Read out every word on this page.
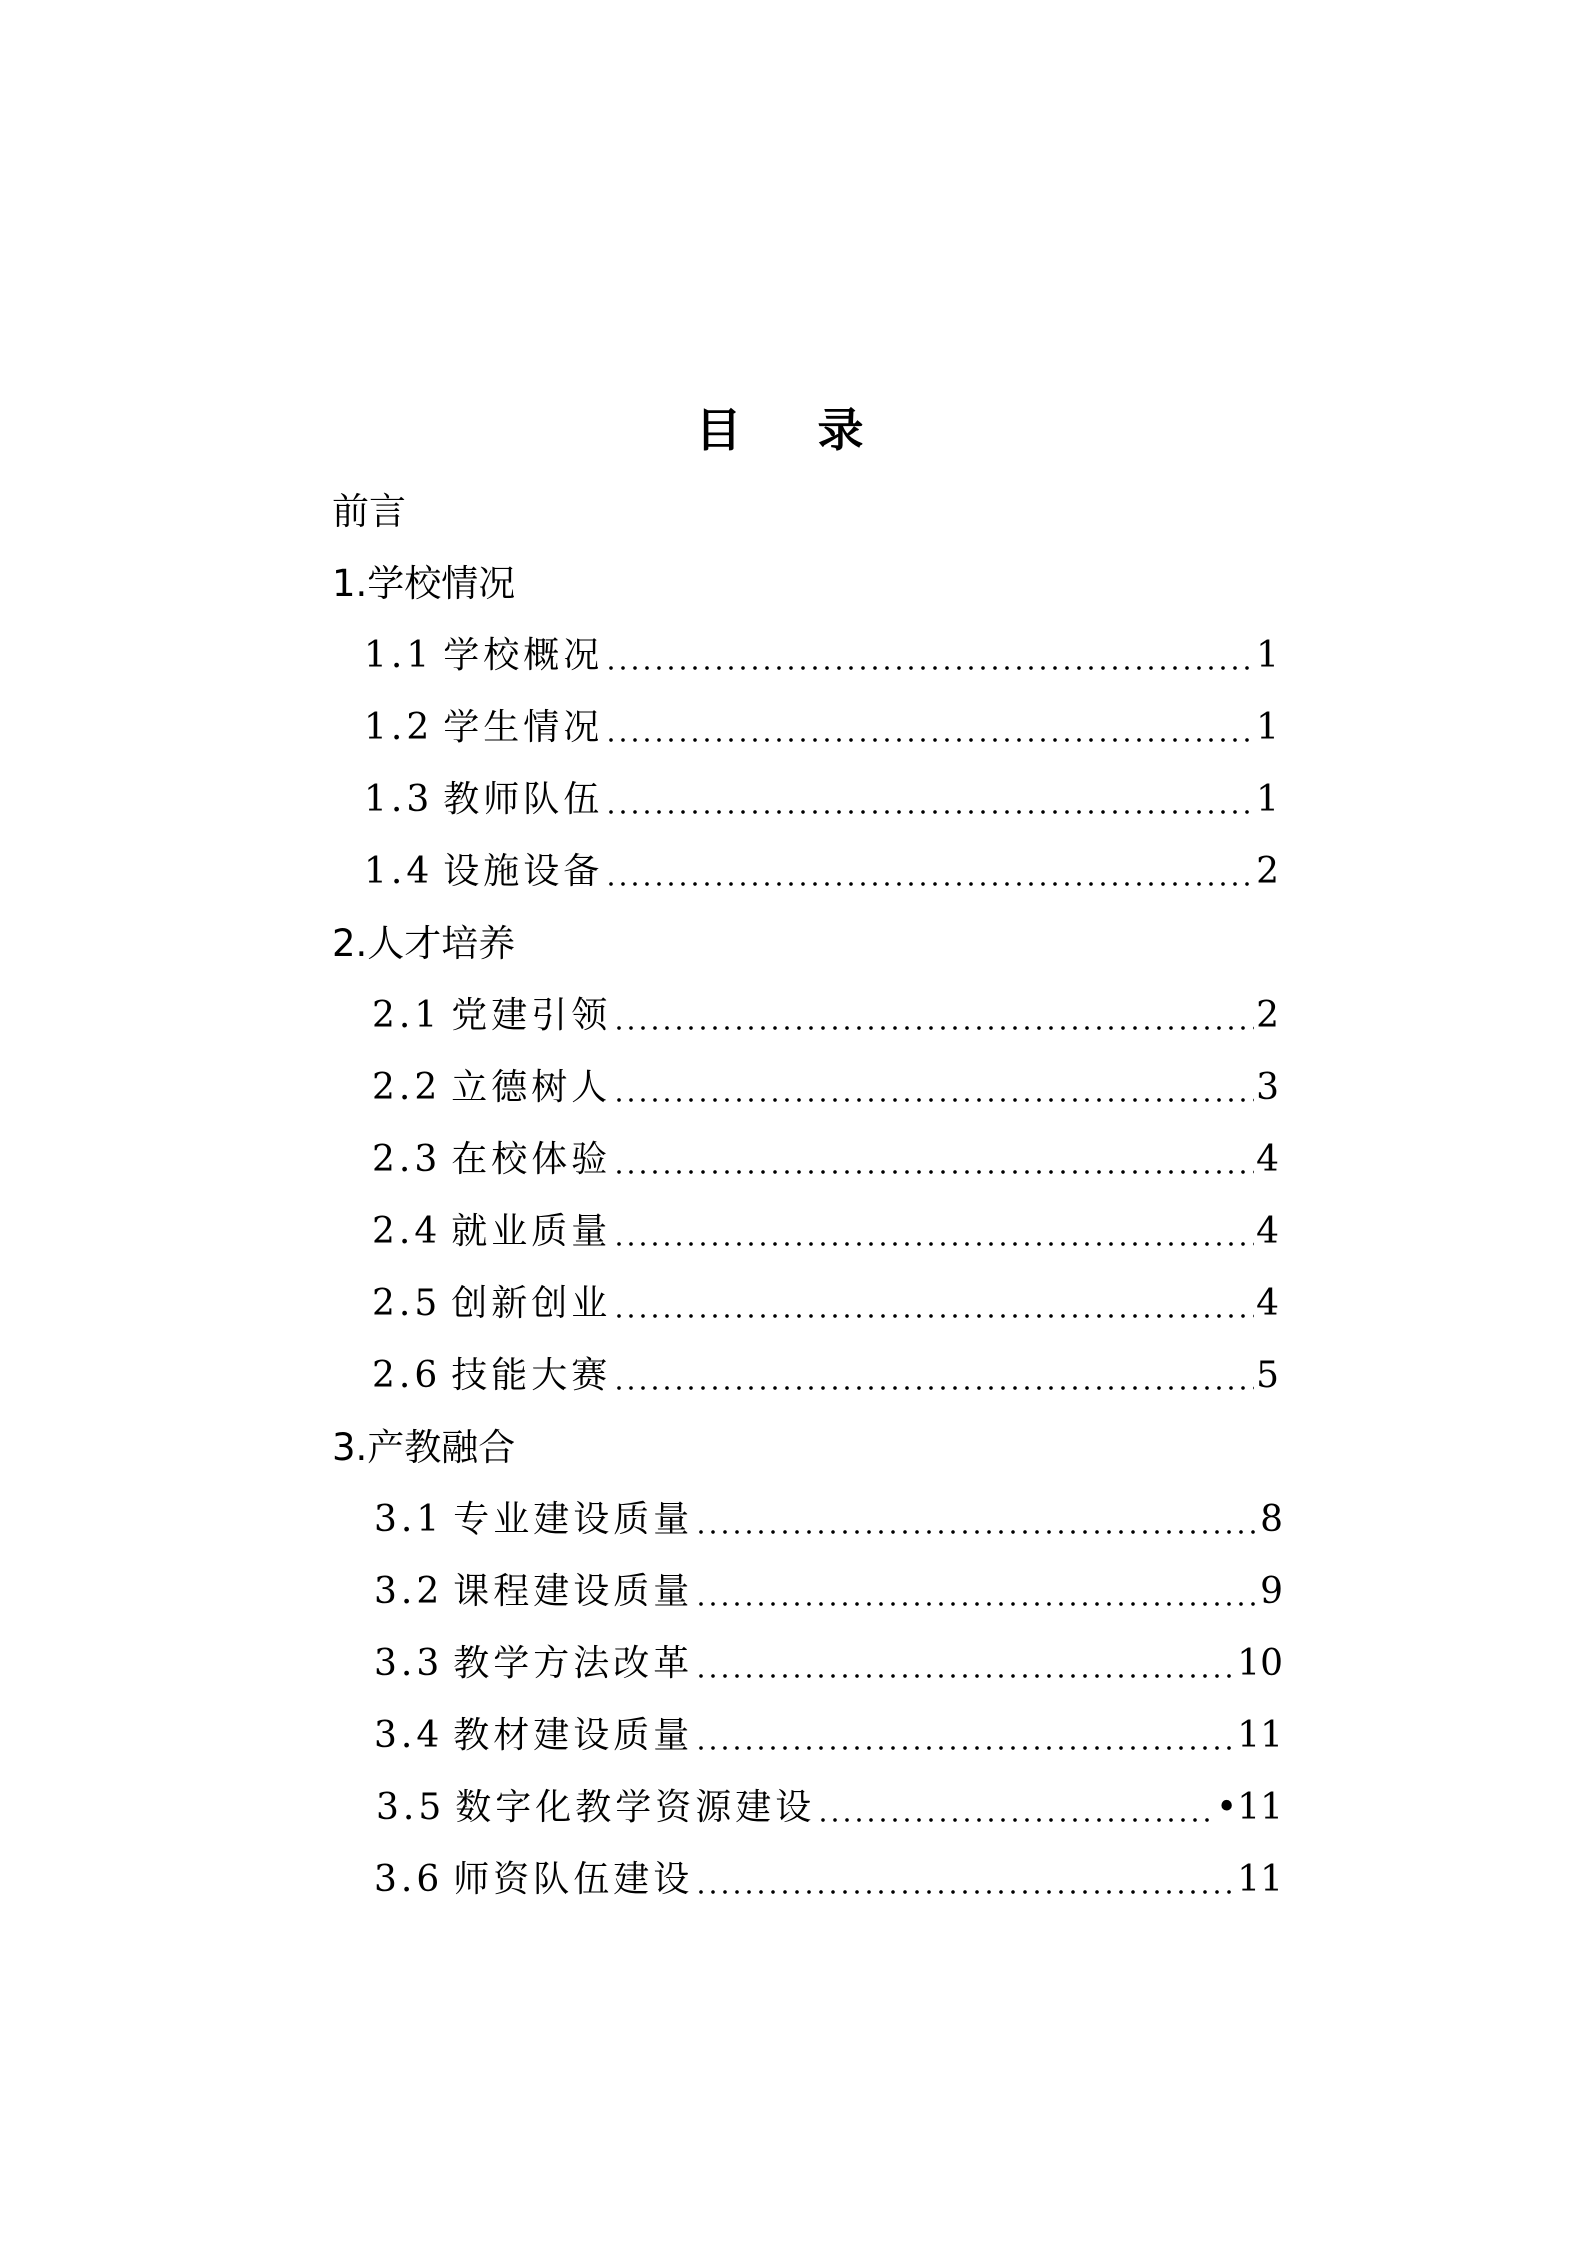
目 录
前言
1.学校情况
1.1 学校概况	1
1.2 学生情况	1
1.3 教师队伍	1
1.4 设施设备	2
2.人才培养
2.1 党建引领	2
2.2 立德树人	3
2.3 在校体验	4
2.4 就业质量	4
2.5 创新创业	4
2.6 技能大赛	5
3.产教融合
3.1 专业建设质量	8
3.2 课程建设质量	9
3.3 教学方法改革	10
3.4 教材建设质量	11
3.5 数字化教学资源建设	•11
3.6 师资队伍建设	11
